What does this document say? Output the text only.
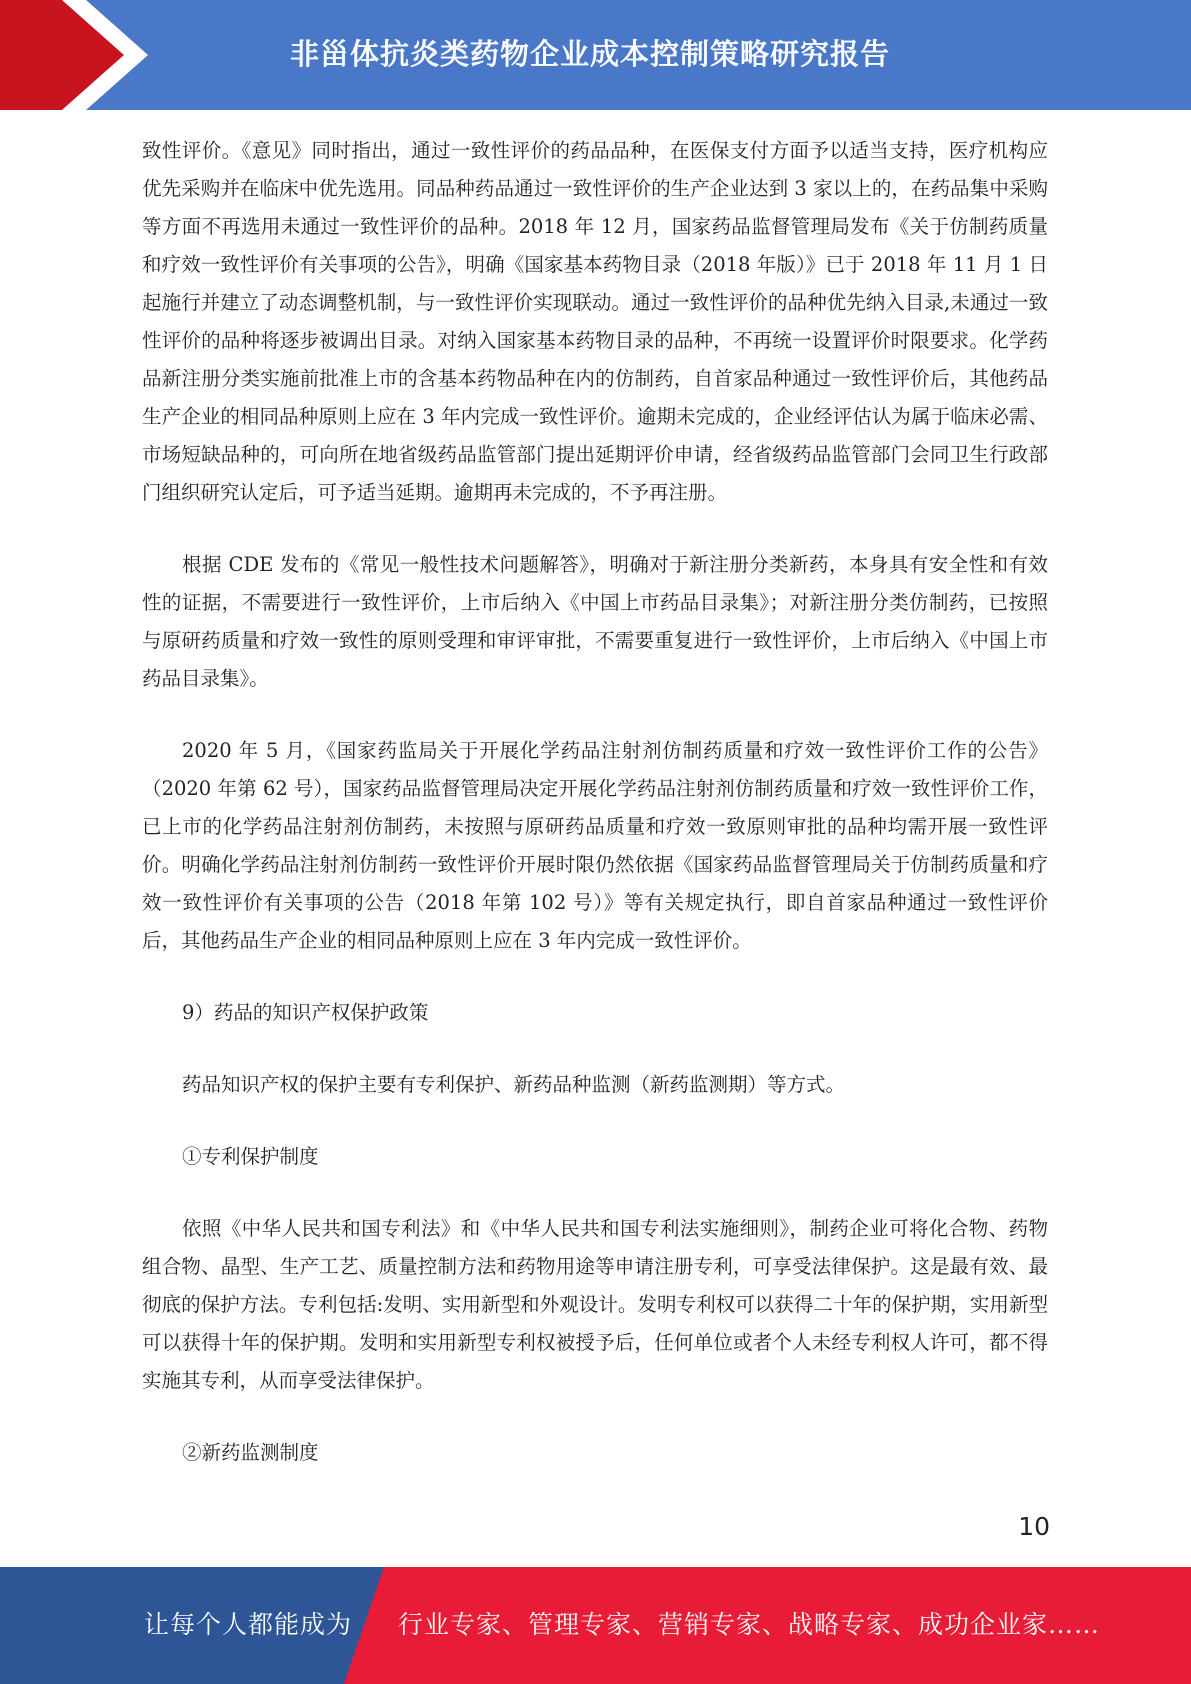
非甾体抗炎类药物企业成本控制策略研究报告

致性评价。《意见》同时指出，通过一致性评价的药品品种，在医保支付方面予以适当支持，医疗机构应优先采购并在临床中优先选用。同品种药品通过一致性评价的生产企业达到 3 家以上的，在药品集中采购等方面不再选用未通过一致性评价的品种。2018 年 12 月，国家药品监督管理局发布《关于仿制药质量和疗效一致性评价有关事项的公告》，明确《国家基本药物目录（2018 年版）》已于 2018 年 11 月 1 日起施行并建立了动态调整机制，与一致性评价实现联动。通过一致性评价的品种优先纳入目录,未通过一致性评价的品种将逐步被调出目录。对纳入国家基本药物目录的品种，不再统一设置评价时限要求。化学药品新注册分类实施前批准上市的含基本药物品种在内的仿制药，自首家品种通过一致性评价后，其他药品生产企业的相同品种原则上应在 3 年内完成一致性评价。逾期未完成的，企业经评估认为属于临床必需、市场短缺品种的，可向所在地省级药品监管部门提出延期评价申请，经省级药品监管部门会同卫生行政部门组织研究认定后，可予适当延期。逾期再未完成的，不予再注册。

根据 CDE 发布的《常见一般性技术问题解答》，明确对于新注册分类新药，本身具有安全性和有效性的证据，不需要进行一致性评价，上市后纳入《中国上市药品目录集》；对新注册分类仿制药，已按照与原研药质量和疗效一致性的原则受理和审评审批，不需要重复进行一致性评价，上市后纳入《中国上市药品目录集》。

2020 年 5 月，《国家药监局关于开展化学药品注射剂仿制药质量和疗效一致性评价工作的公告》（2020 年第 62 号），国家药品监督管理局决定开展化学药品注射剂仿制药质量和疗效一致性评价工作，已上市的化学药品注射剂仿制药，未按照与原研药品质量和疗效一致原则审批的品种均需开展一致性评价。明确化学药品注射剂仿制药一致性评价开展时限仍然依据《国家药品监督管理局关于仿制药质量和疗效一致性评价有关事项的公告（2018 年第 102 号）》等有关规定执行，即自首家品种通过一致性评价后，其他药品生产企业的相同品种原则上应在 3 年内完成一致性评价。

9）药品的知识产权保护政策

药品知识产权的保护主要有专利保护、新药品种监测（新药监测期）等方式。

①专利保护制度

依照《中华人民共和国专利法》和《中华人民共和国专利法实施细则》，制药企业可将化合物、药物组合物、晶型、生产工艺、质量控制方法和药物用途等申请注册专利，可享受法律保护。这是最有效、最彻底的保护方法。专利包括:发明、实用新型和外观设计。发明专利权可以获得二十年的保护期，实用新型可以获得十年的保护期。发明和实用新型专利权被授予后，任何单位或者个人未经专利权人许可，都不得实施其专利，从而享受法律保护。

②新药监测制度

10
让每个人都能成为 行业专家、管理专家、营销专家、战略专家、成功企业家……
